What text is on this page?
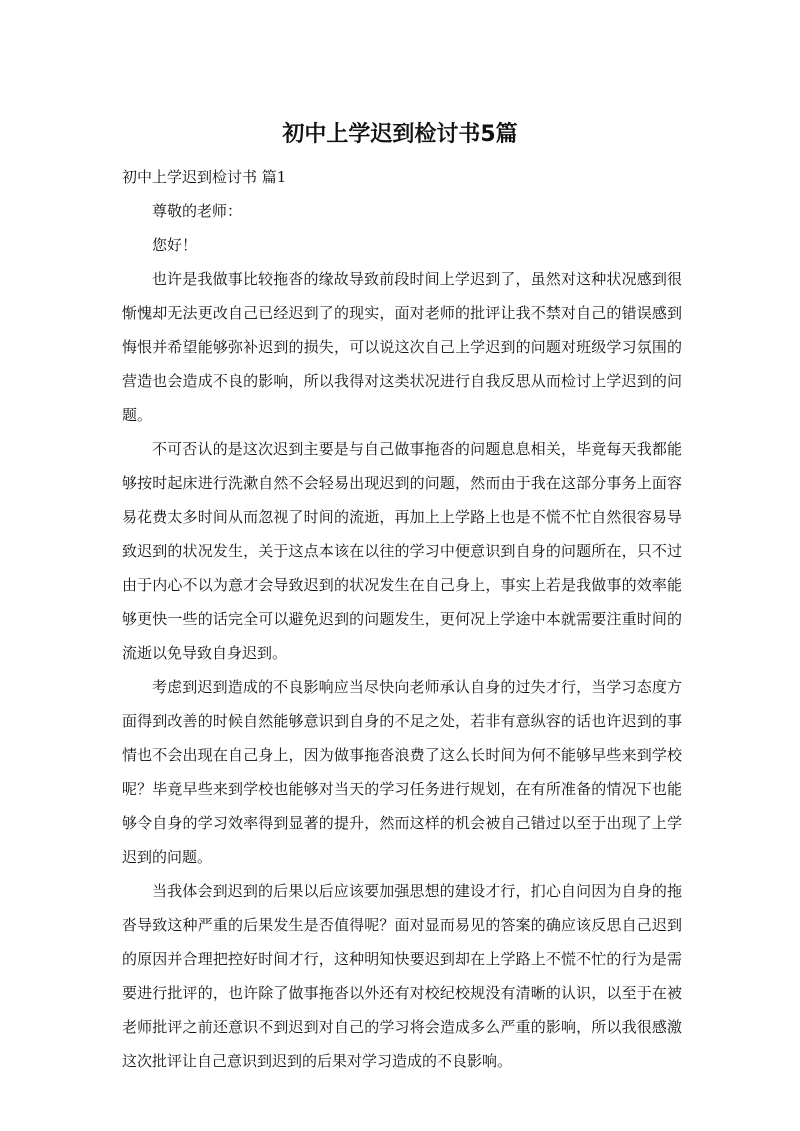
初中上学迟到检讨书5篇
初中上学迟到检讨书 篇1
尊敬的老师：
您好！

也许是我做事比较拖沓的缘故导致前段时间上学迟到了，虽然对这种状况感到很惭愧却无法更改自己已经迟到了的现实，面对老师的批评让我不禁对自己的错误感到悔恨并希望能够弥补迟到的损失，可以说这次自己上学迟到的问题对班级学习氛围的营造也会造成不良的影响，所以我得对这类状况进行自我反思从而检讨上学迟到的问题。

不可否认的是这次迟到主要是与自己做事拖沓的问题息息相关，毕竟每天我都能够按时起床进行洗漱自然不会轻易出现迟到的问题，然而由于我在这部分事务上面容易花费太多时间从而忽视了时间的流逝，再加上上学路上也是不慌不忙自然很容易导致迟到的状况发生，关于这点本该在以往的学习中便意识到自身的问题所在，只不过由于内心不以为意才会导致迟到的状况发生在自己身上，事实上若是我做事的效率能够更快一些的话完全可以避免迟到的问题发生，更何况上学途中本就需要注重时间的流逝以免导致自身迟到。

考虑到迟到造成的不良影响应当尽快向老师承认自身的过失才行，当学习态度方面得到改善的时候自然能够意识到自身的不足之处，若非有意纵容的话也许迟到的事情也不会出现在自己身上，因为做事拖沓浪费了这么长时间为何不能够早些来到学校呢？毕竟早些来到学校也能够对当天的学习任务进行规划，在有所准备的情况下也能够令自身的学习效率得到显著的提升，然而这样的机会被自己错过以至于出现了上学迟到的问题。

当我体会到迟到的后果以后应该要加强思想的建设才行，扪心自问因为自身的拖沓导致这种严重的后果发生是否值得呢？面对显而易见的答案的确应该反思自己迟到的原因并合理把控好时间才行，这种明知快要迟到却在上学路上不慌不忙的行为是需要进行批评的，也许除了做事拖沓以外还有对校纪校规没有清晰的认识，以至于在被老师批评之前还意识不到迟到对自己的学习将会造成多么严重的影响，所以我很感激这次批评让自己意识到迟到的后果对学习造成的不良影响。
